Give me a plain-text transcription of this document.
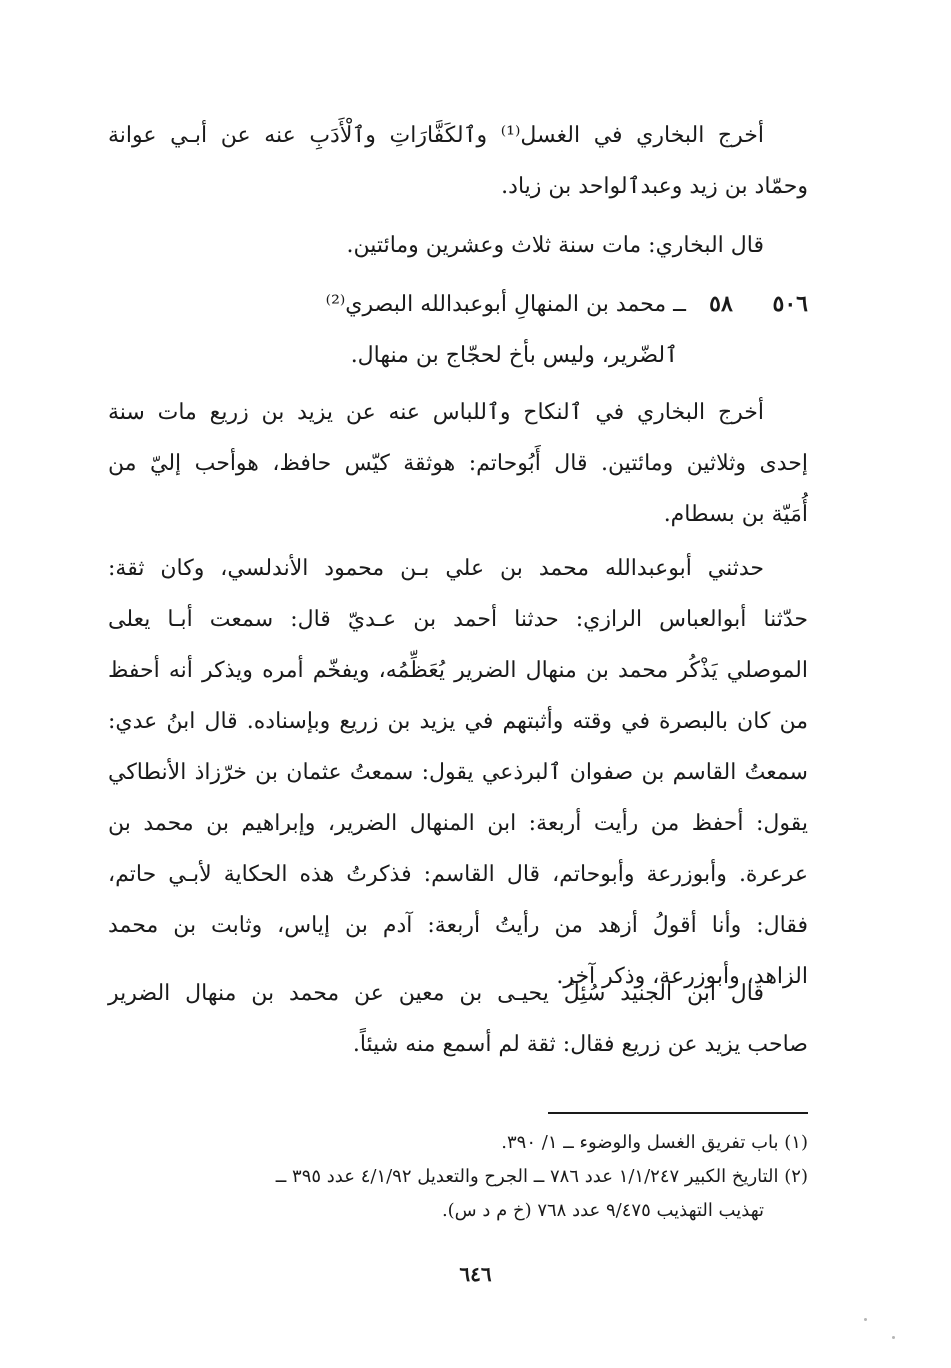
أخرج البخاري في الغسل⁽¹⁾ وٱلكَفَّارَاتِ وٱلْأَدَبِ عنه عن أبـي عوانة
وحمّاد بن زيد وعبدٱلواحد بن زياد.
قال البخاري: مات سنة ثلاث وعشرين ومائتين.
٥٠٦
٥٨
ــ محمد بن المنهالِ أبوعبدالله البصري⁽²⁾
ٱلضّرير، وليس بأخ لحجّاج بن منهال.
أخرج البخاري في ٱلنكاح وٱللباس عنه عن يزيد بن زريع مات سنة
إحدى وثلاثين ومائتين. قال أَبُوحاتم: هوثقة كيّس حافظ، هوأحب إليّ من
أُمَيّة بن بسطام.
حدثني أبوعبدالله محمد بن علي بـن محمود الأندلسي، وكان ثقة:
حدّثنا أبوالعباس الرازي: حدثنا أحمد بن عـديّ قال: سمعت أبـا يعلى
الموصلي يَذْكُر محمد بن منهال الضرير يُعَظِّمُه، ويفخّم أمره ويذكر أنه أحفظ
من كان بالبصرة في وقته وأثبتهم في يزيد بن زريع وبإسناده. قال ابنُ عدي:
سمعتُ القاسم بن صفوان ٱلبرذعي يقول: سمعتُ عثمان بن خرّزاذ الأنطاكي
يقول: أحفظ من رأيت أربعة: ابن المنهال الضرير، وإبراهيم بن محمد بن
عرعرة. وأبوزرعة وأبوحاتم، قال القاسم: فذكرتُ هذه الحكاية لأبـي حاتم،
فقال: وأنا أقولُ أزهد من رأيتُ أربعة: آدم بن إياس، وثابت بن محمد
الزاهد، وأبوزرعة، وذكر آخر.
قال ابن الجنيد سُئِلَ يحيـى بن معين عن محمد بن منهال الضرير
صاحب يزيد عن زريع فقال: ثقة لم أسمع منه شيئاً.
(١) باب تفريق الغسل والوضوء ــ ١/ ٣٩٠.
(٢) التاريخ الكبير ١/١/٢٤٧ عدد ٧٨٦ ــ الجرح والتعديل ٤/١/٩٢ عدد ٣٩٥ ــ
تهذيب التهذيب ٩/٤٧٥ عدد ٧٦٨ (خ م د س).
٦٤٦
